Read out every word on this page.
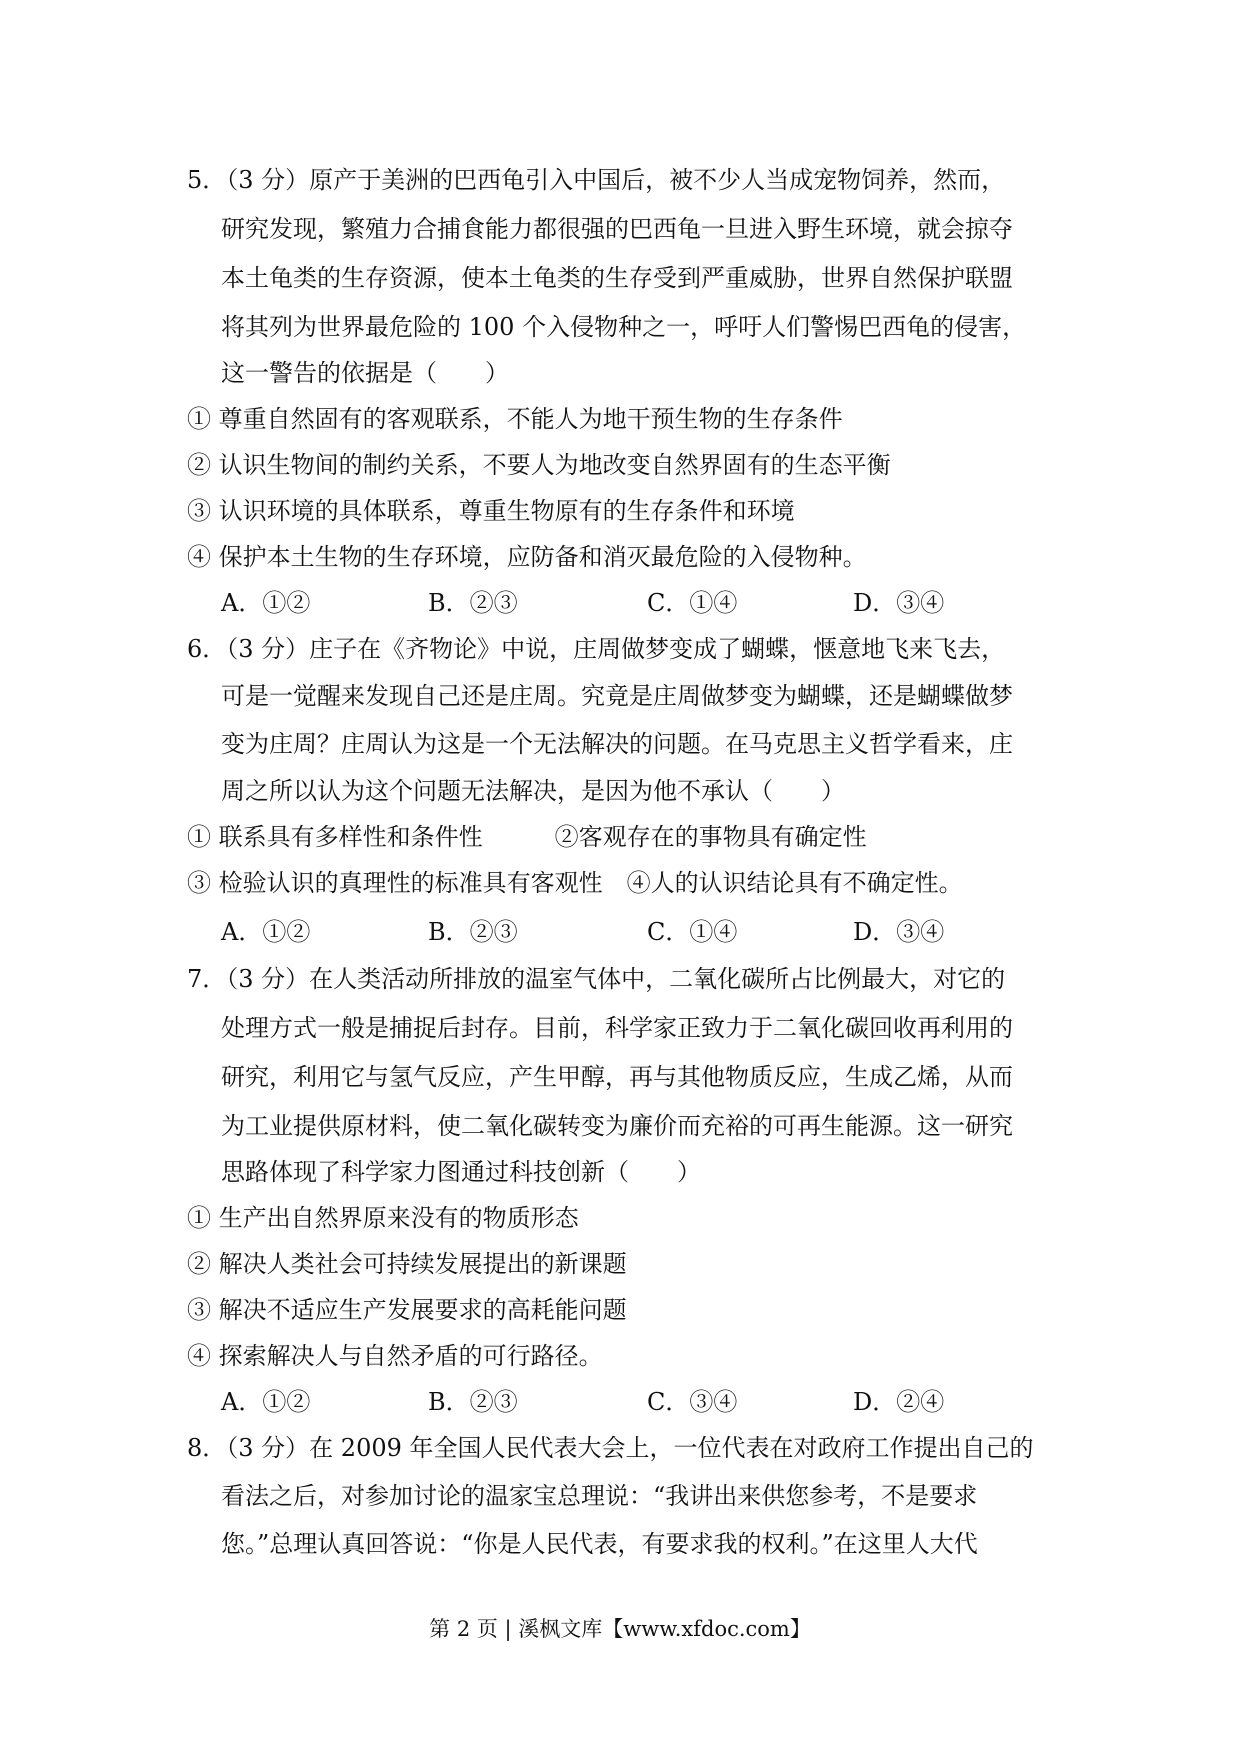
5．（3 分）原产于美洲的巴西龟引入中国后，被不少人当成宠物饲养，然而，
研究发现，繁殖力合捕食能力都很强的巴西龟一旦进入野生环境，就会掠夺
本土龟类的生存资源，使本土龟类的生存受到严重威胁，世界自然保护联盟
将其列为世界最危险的 100 个入侵物种之一，呼吁人们警惕巴西龟的侵害，
这一警告的依据是（　　）
① 尊重自然固有的客观联系，不能人为地干预生物的生存条件
② 认识生物间的制约关系，不要人为地改变自然界固有的生态平衡
③ 认识环境的具体联系，尊重生物原有的生存条件和环境
④ 保护本土生物的生存环境，应防备和消灭最危险的入侵物种。
A．①②	B．②③	C．①④	D．③④
6．（3 分）庄子在《齐物论》中说，庄周做梦变成了蝴蝶，惬意地飞来飞去，
可是一觉醒来发现自己还是庄周。究竟是庄周做梦变为蝴蝶，还是蝴蝶做梦
变为庄周？庄周认为这是一个无法解决的问题。在马克思主义哲学看来，庄
周之所以认为这个问题无法解决，是因为他不承认（　　）
① 联系具有多样性和条件性　　　②客观存在的事物具有确定性
③ 检验认识的真理性的标准具有客观性　④人的认识结论具有不确定性。
A．①②	B．②③	C．①④	D．③④
7．（3 分）在人类活动所排放的温室气体中，二氧化碳所占比例最大，对它的
处理方式一般是捕捉后封存。目前，科学家正致力于二氧化碳回收再利用的
研究，利用它与氢气反应，产生甲醇，再与其他物质反应，生成乙烯，从而
为工业提供原材料，使二氧化碳转变为廉价而充裕的可再生能源。这一研究
思路体现了科学家力图通过科技创新（　　）
① 生产出自然界原来没有的物质形态
② 解决人类社会可持续发展提出的新课题
③ 解决不适应生产发展要求的高耗能问题
④ 探索解决人与自然矛盾的可行路径。
A．①②	B．②③	C．③④	D．②④
8．（3 分）在 2009 年全国人民代表大会上，一位代表在对政府工作提出自己的
看法之后，对参加讨论的温家宝总理说：“我讲出来供您参考，不是要求
您。”总理认真回答说：“你是人民代表，有要求我的权利。”在这里人大代
第 2 页 | 溪枫文库【www.xfdoc.com】
